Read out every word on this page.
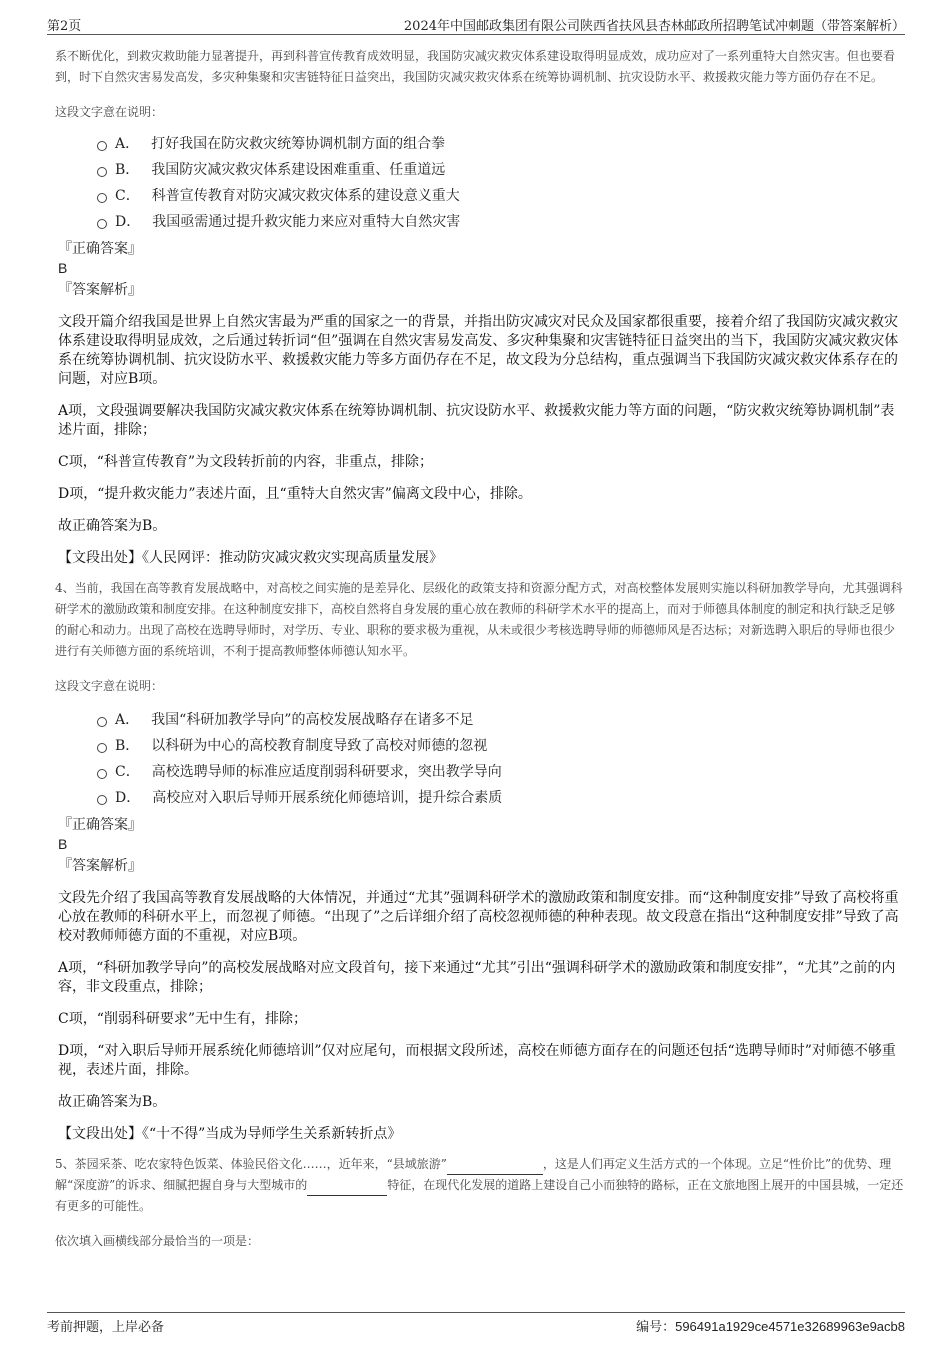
第2页	2024年中国邮政集团有限公司陕西省扶风县杏林邮政所招聘笔试冲刺题（带答案解析）

系不断优化，到救灾救助能力显著提升，再到科普宣传教育成效明显，我国防灾减灾救灾体系建设取得明显成效，成功应对了一系列重特大自然灾害。但也要看到，时下自然灾害易发高发，多灾种集聚和灾害链特征日益突出，我国防灾减灾救灾体系在统筹协调机制、抗灾设防水平、救援救灾能力等方面仍存在不足。

这段文字意在说明：

A． 打好我国在防灾救灾统筹协调机制方面的组合拳
B． 我国防灾减灾救灾体系建设困难重重、任重道远
C． 科普宣传教育对防灾减灾救灾体系的建设意义重大
D． 我国亟需通过提升救灾能力来应对重特大自然灾害

『正确答案』

B

『答案解析』

文段开篇介绍我国是世界上自然灾害最为严重的国家之一的背景，并指出防灾减灾对民众及国家都很重要，接着介绍了我国防灾减灾救灾体系建设取得明显成效，之后通过转折词“但”强调在自然灾害易发高发、多灾种集聚和灾害链特征日益突出的当下，我国防灾减灾救灾体系在统筹协调机制、抗灾设防水平、救援救灾能力等多方面仍存在不足，故文段为分总结构，重点强调当下我国防灾减灾救灾体系存在的问题，对应B项。

A项，文段强调要解决我国防灾减灾救灾体系在统筹协调机制、抗灾设防水平、救援救灾能力等方面的问题，“防灾救灾统筹协调机制”表述片面，排除；

C项，“科普宣传教育”为文段转折前的内容，非重点，排除；

D项，“提升救灾能力”表述片面，且“重特大自然灾害”偏离文段中心，排除。

故正确答案为B。

【文段出处】《人民网评：推动防灾减灾救灾实现高质量发展》

4、当前，我国在高等教育发展战略中，对高校之间实施的是差异化、层级化的政策支持和资源分配方式，对高校整体发展则实施以科研加教学导向，尤其强调科研学术的激励政策和制度安排。在这种制度安排下，高校自然将自身发展的重心放在教师的科研学术水平的提高上，而对于师德具体制度的制定和执行缺乏足够的耐心和动力。出现了高校在选聘导师时，对学历、专业、职称的要求极为重视，从未或很少考核选聘导师的师德师风是否达标；对新选聘入职后的导师也很少进行有关师德方面的系统培训，不利于提高教师整体师德认知水平。

这段文字意在说明：

A． 我国“科研加教学导向”的高校发展战略存在诸多不足
B． 以科研为中心的高校教育制度导致了高校对师德的忽视
C． 高校选聘导师的标准应适度削弱科研要求，突出教学导向
D． 高校应对入职后导师开展系统化师德培训，提升综合素质

『正确答案』

B

『答案解析』

文段先介绍了我国高等教育发展战略的大体情况，并通过“尤其”强调科研学术的激励政策和制度安排。而“这种制度安排”导致了高校将重心放在教师的科研水平上，而忽视了师德。“出现了”之后详细介绍了高校忽视师德的种种表现。故文段意在指出“这种制度安排”导致了高校对教师师德方面的不重视，对应B项。

A项，“科研加教学导向”的高校发展战略对应文段首句，接下来通过“尤其”引出“强调科研学术的激励政策和制度安排”，“尤其”之前的内容，非文段重点，排除；

C项，“削弱科研要求”无中生有，排除；

D项，“对入职后导师开展系统化师德培训”仅对应尾句，而根据文段所述，高校在师德方面存在的问题还包括“选聘导师时”对师德不够重视，表述片面，排除。

故正确答案为B。

【文段出处】《“十不得”当成为导师学生关系新转折点》

5、茶园采茶、吃农家特色饭菜、体验民俗文化……，近年来，“县域旅游”	，这是人们再定义生活方式的一个体现。立足“性价比”的优势、理解“深度游”的诉求、细腻把握自身与大型城市的	特征，在现代化发展的道路上建设自己小而独特的路标，正在文旅地图上展开的中国县城，一定还有更多的可能性。

依次填入画横线部分最恰当的一项是：

考前押题，上岸必备	编号：596491a1929ce4571e32689963e9acb8
